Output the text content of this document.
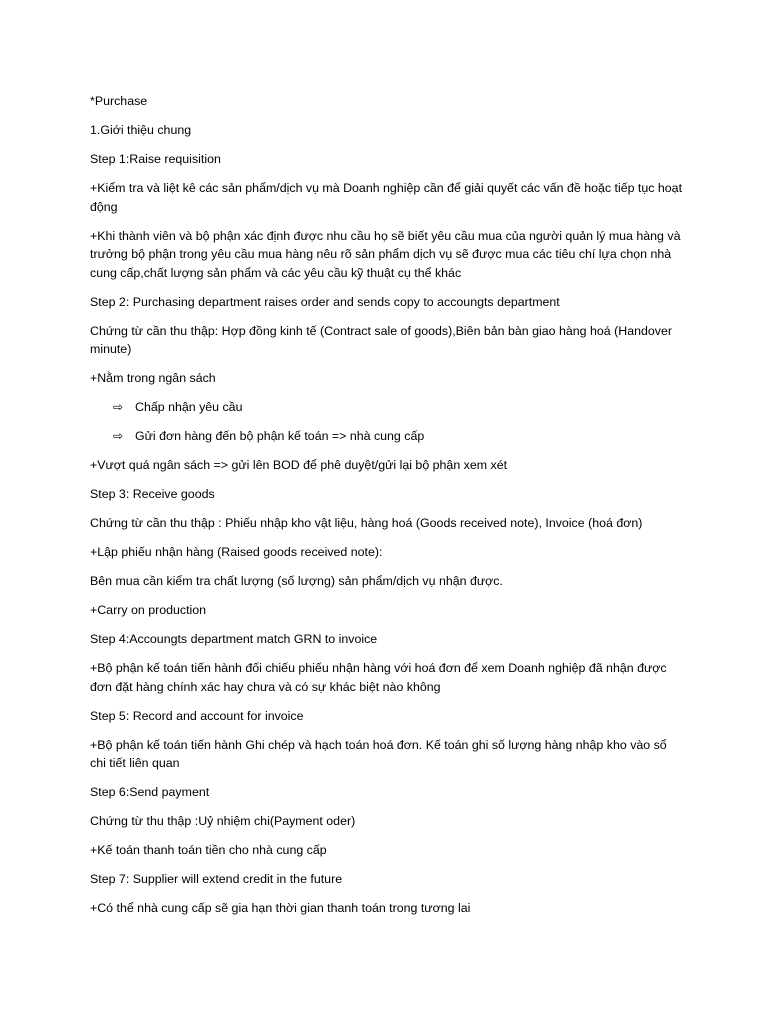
*Purchase

1.Giới thiệu chung

Step 1:Raise requisition

+Kiểm tra và liệt kê các sản phẩm/dịch vụ mà Doanh nghiệp cần để giải quyết các vấn đề hoặc tiếp tục hoạt động

+Khi thành viên và bộ phận xác định được nhu cầu họ sẽ biết yêu cầu mua của người quản lý mua hàng và trưởng bộ phận trong yêu cầu mua hàng nêu rõ sản phẩm dịch vụ sẽ được mua các tiêu chí lựa chọn nhà cung cấp,chất lượng sản phẩm và các yêu cầu kỹ thuật cụ thể khác

Step 2: Purchasing department raises order and sends copy to accoungts department

Chứng từ cần thu thập: Hợp đồng kinh tế (Contract sale of goods),Biên bản bàn giao hàng hoá (Handover minute)

+Nằm trong ngân sách

⇨ Chấp nhận yêu cầu
⇨ Gửi đơn hàng đến bộ phận kế toán => nhà cung cấp

+Vượt quá ngân sách => gửi lên BOD để phê duyệt/gửi lại bộ phận xem xét

Step 3: Receive goods

Chứng từ cần thu thập : Phiếu nhập kho vật liệu, hàng hoá (Goods received note), Invoice (hoá đơn)

+Lập phiếu nhận hàng (Raised goods received note):

Bên mua cần kiểm tra chất lượng (số lượng) sản phẩm/dịch vụ nhận được.

+Carry on production

Step 4:Accoungts department match GRN to invoice

+Bộ phận kế toán tiến hành đối chiếu phiếu nhận hàng với hoá đơn để xem Doanh nghiệp đã nhận được đơn đặt hàng chính xác hay chưa và có sự khác biệt nào không

Step 5: Record and account for invoice

+Bộ phận kế toán tiến hành Ghi chép và hạch toán hoá đơn. Kế toán ghi số lượng hàng nhập kho vào sổ chi tiết liên quan

Step 6:Send payment

Chứng từ thu thập :Uỷ nhiệm chi(Payment oder)

+Kế toán thanh toán tiền cho nhà cung cấp

Step 7: Supplier will extend credit in the future

+Có thể nhà cung cấp sẽ gia hạn thời gian thanh toán trong tương lai
